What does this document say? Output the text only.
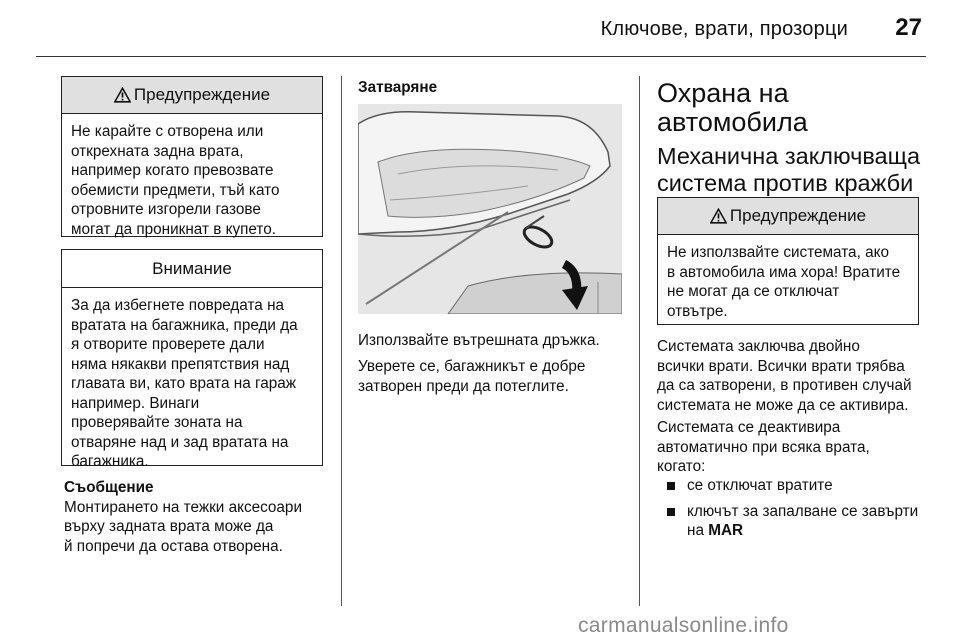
Ключове, врати, прозорци 27
Предупреждение
Не карайте с отворена или
открехната задна врата,
например когато превозвате
обемисти предмети, тъй като
отровните изгорели газове
могат да проникнат в купето.
Внимание
За да избегнете повредата на
вратата на багажника, преди да
я отворите проверете дали
няма някакви препятствия над
главата ви, като врата на гараж
например. Винаги
проверявайте зоната на
отваряне над и зад вратата на
багажника.
Съобщение
Монтирането на тежки аксесоари
върху задната врата може да
й попречи да остава отворена.
Затваряне
Използвайте вътрешната дръжка.
Уверете се, багажникът е добре
затворен преди да потеглите.
Охрана на
автомобила
Механична заключваща
система против кражби
Предупреждение
Не използвайте системата, ако
в автомобила има хора! Вратите
не могат да се отключат
отвътре.
Системата заключва двойно
всички врати. Всички врати трябва
да са затворени, в противен случай
системата не може да се активира.
Системата се деактивира
автоматично при всяка врата,
когато:
се отключат вратите
ключът за запалване се завърти
на MAR
carmanualsonline.info
